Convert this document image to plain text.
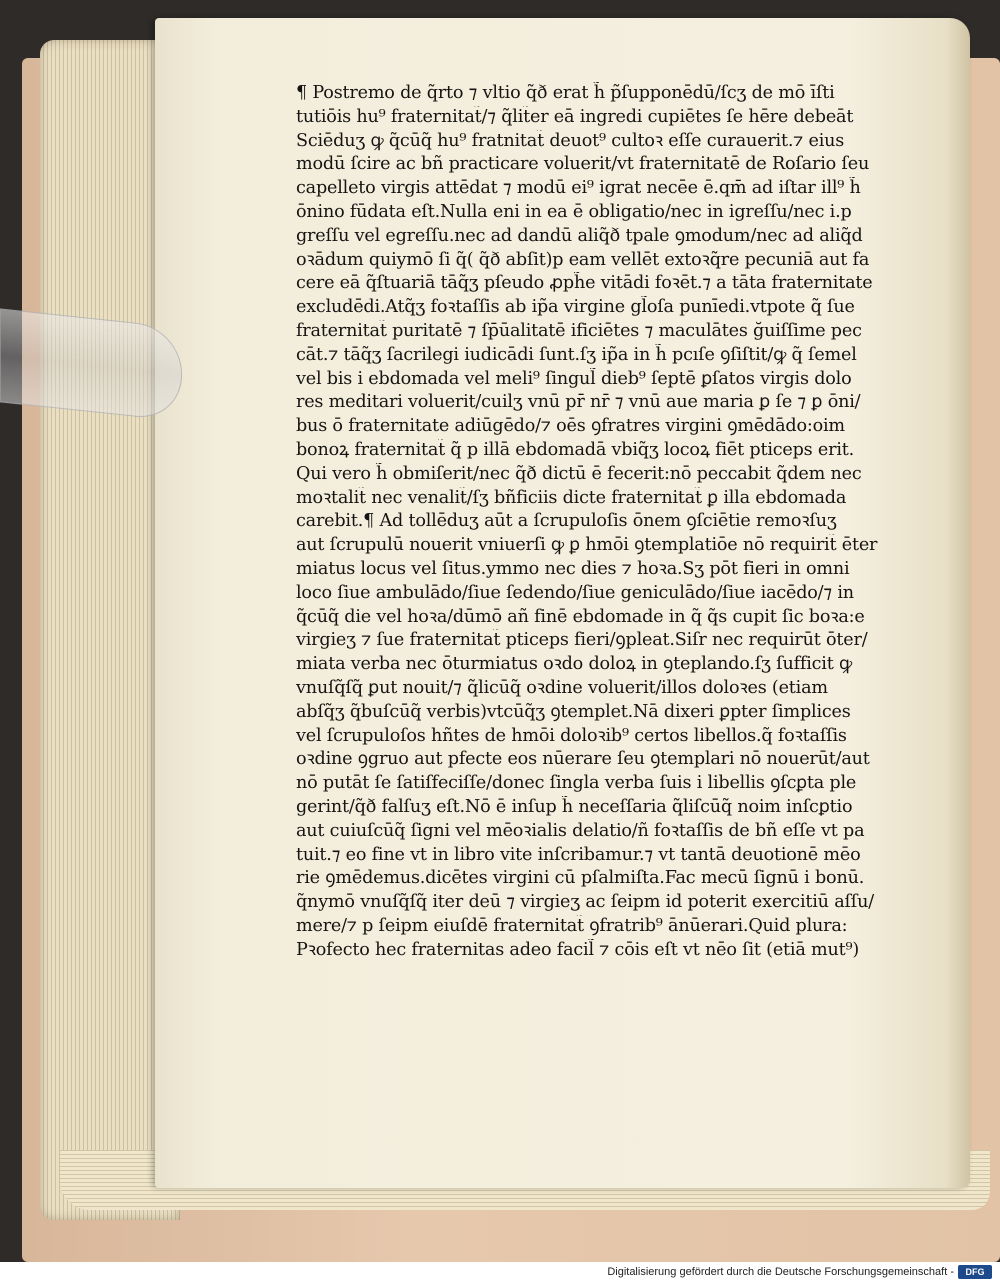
¶ Postremo de q̃rto ⁊ vltio q̃ð erat h̃ p̃ſupponēdū/ſcʒ de mō īſti
tutiōis hu⁹ fraternitat̃/⁊ q̃lit̃er eā ingredi cupiētes ſe hēre debeāt
Sciēduʒ ꝙ q̃cūq̃ hu⁹ fratnitat̃ deuot⁹ cultoꝛ eſſe curauerit.⁊ eius
modū ſcire ac bñ practicare voluerit/vt fraternitatē de Roſario ſeu
capelleto virgis attēdat ⁊ modū ei⁹ igrat necēe ē.qm̄ ad iſtar ill⁹ h̃
ōnino fūdata eſt.Nulla eni in ea ē obligatio/nec in igreſſu/nec i.p
greſſu vel egreſſu.nec ad dandū aliq̃ð tpale ꝯmodum/nec ad aliq̃d
oꝛādum quiymō ſi q̃( q̃ð abſit)p eam vellēt extoꝛq̃re pecuniā aut fa
cere eā q̃ſtuariā tāq̃ʒ pſeudo ꝓph̃e vitādi foꝛēt.⁊ a tāta fraternitate
excludēdi.Atq̃ʒ foꝛtaſſis ab ip̃a virgine gl̃oſa punīedi.vtpote q̃ ſue
fraternitat̃ puritatē ⁊ ſp̄ūalitatē ificiētes ⁊ maculātes ğuiſſime pec
cāt.⁊ tāq̃ʒ ſacrilegi iudicādi ſunt.ſʒ ip̃a in h̃ pcıſe ꝯſiſtit/ꝙ q̃ ſemel
vel bis i ebdomada vel meli⁹ ſingul̃ dieb⁹ ſeptē ꝑſatos virgis dolo
res meditari voluerit/cuilʒ vnū pr̄ nr̄ ⁊ vnū aue maria ꝑ ſe ⁊ ꝑ ōni/
bus ō fraternitate adiūgēdo/⁊ oēs ꝯfratres virgini ꝯmēdādo:oim
bonoꝝ fraternitat̃ q̃ p illā ebdomadā vbiq̃ʒ locoꝝ fiēt pticeps erit.
Qui vero h̃ obmiſerit/nec q̃ð dictū ē fecerit:nō peccabit q̃dem nec
moꝛtalit̃ nec venalit̃/ſʒ bñficiis dicte fraternitat̃ ꝑ illa ebdomada
carebit.¶ Ad tollēduʒ aūt a ſcrupuloſis ōnem ꝯſciētie remoꝛſuʒ
aut ſcrupulū nouerit vniuerſi ꝙ ꝑ hmōi ꝯtemplatiōe nō requirit̃ ēter
miatus locus vel ſitus.ymmo nec dies ⁊ hoꝛa.Sʒ pōt fieri in omni
loco ſiue ambulādo/ſiue ſedendo/ſiue geniculādo/ſiue iacēdo/⁊ in
q̃cūq̃ die vel hoꝛa/dūmō añ finē ebdomade in q̃ q̃s cupit ſic boꝛa:e
virgieʒ ⁊ ſue fraternitat̃ pticeps fieri/ꝯpleat.Siſr nec requirūt ōter/
miata verba nec ōturmiatus oꝛdo doloꝝ in ꝯteplando.ſʒ ſufficit ꝙ
vnuſq̃ſq̃ ꝑut nouit/⁊ q̃licūq̃ oꝛdine voluerit/illos doloꝛes (etiam
abſq̃ʒ q̃buſcūq̃ verbis)vtcūq̃ʒ ꝯtemplet.Nā dixeri ꝑpter ſimplices
vel ſcrupuloſos hñtes de hmōi doloꝛib⁹ certos libellos.q̃ foꝛtaſſis
oꝛdine ꝯgruo aut pfecte eos nūerare ſeu ꝯtemplari nō nouerūt/aut
nō putāt ſe ſatiſfeciſſe/donec ſingla verba ſuis i libellis ꝯſcꝑta ple
gerint/q̃ð falſuʒ eſt.Nō ē inſup h̃ neceſſaria q̃liſcūq̃ noim inſcꝑtio
aut cuiuſcūq̃ ſigni vel mēoꝛialis delatio/ñ foꝛtaſſis de bñ eſſe vt pa
tuit.⁊ eo fine vt in libro vite inſcribamur.⁊ vt tantā deuotionē mēo
rie ꝯmēdemus.dicētes virgini cū pſalmiſta.Fac mecū ſignū i bonū.
q̃nymō vnuſq̃ſq̃ iter deū ⁊ virgieʒ ac ſeipm id poterit exercitiū aſſu/
mere/⁊ p ſeipm eiuſdē fraternitat̃ ꝯfratrib⁹ ānūerari.Quid plura:
Pꝛofecto hec fraternitas adeo facil̃ ⁊ cōis eſt vt nēo ſit (etiā mut⁹)
Digitalisierung gefördert durch die Deutsche Forschungsgemeinschaft -	DFG
